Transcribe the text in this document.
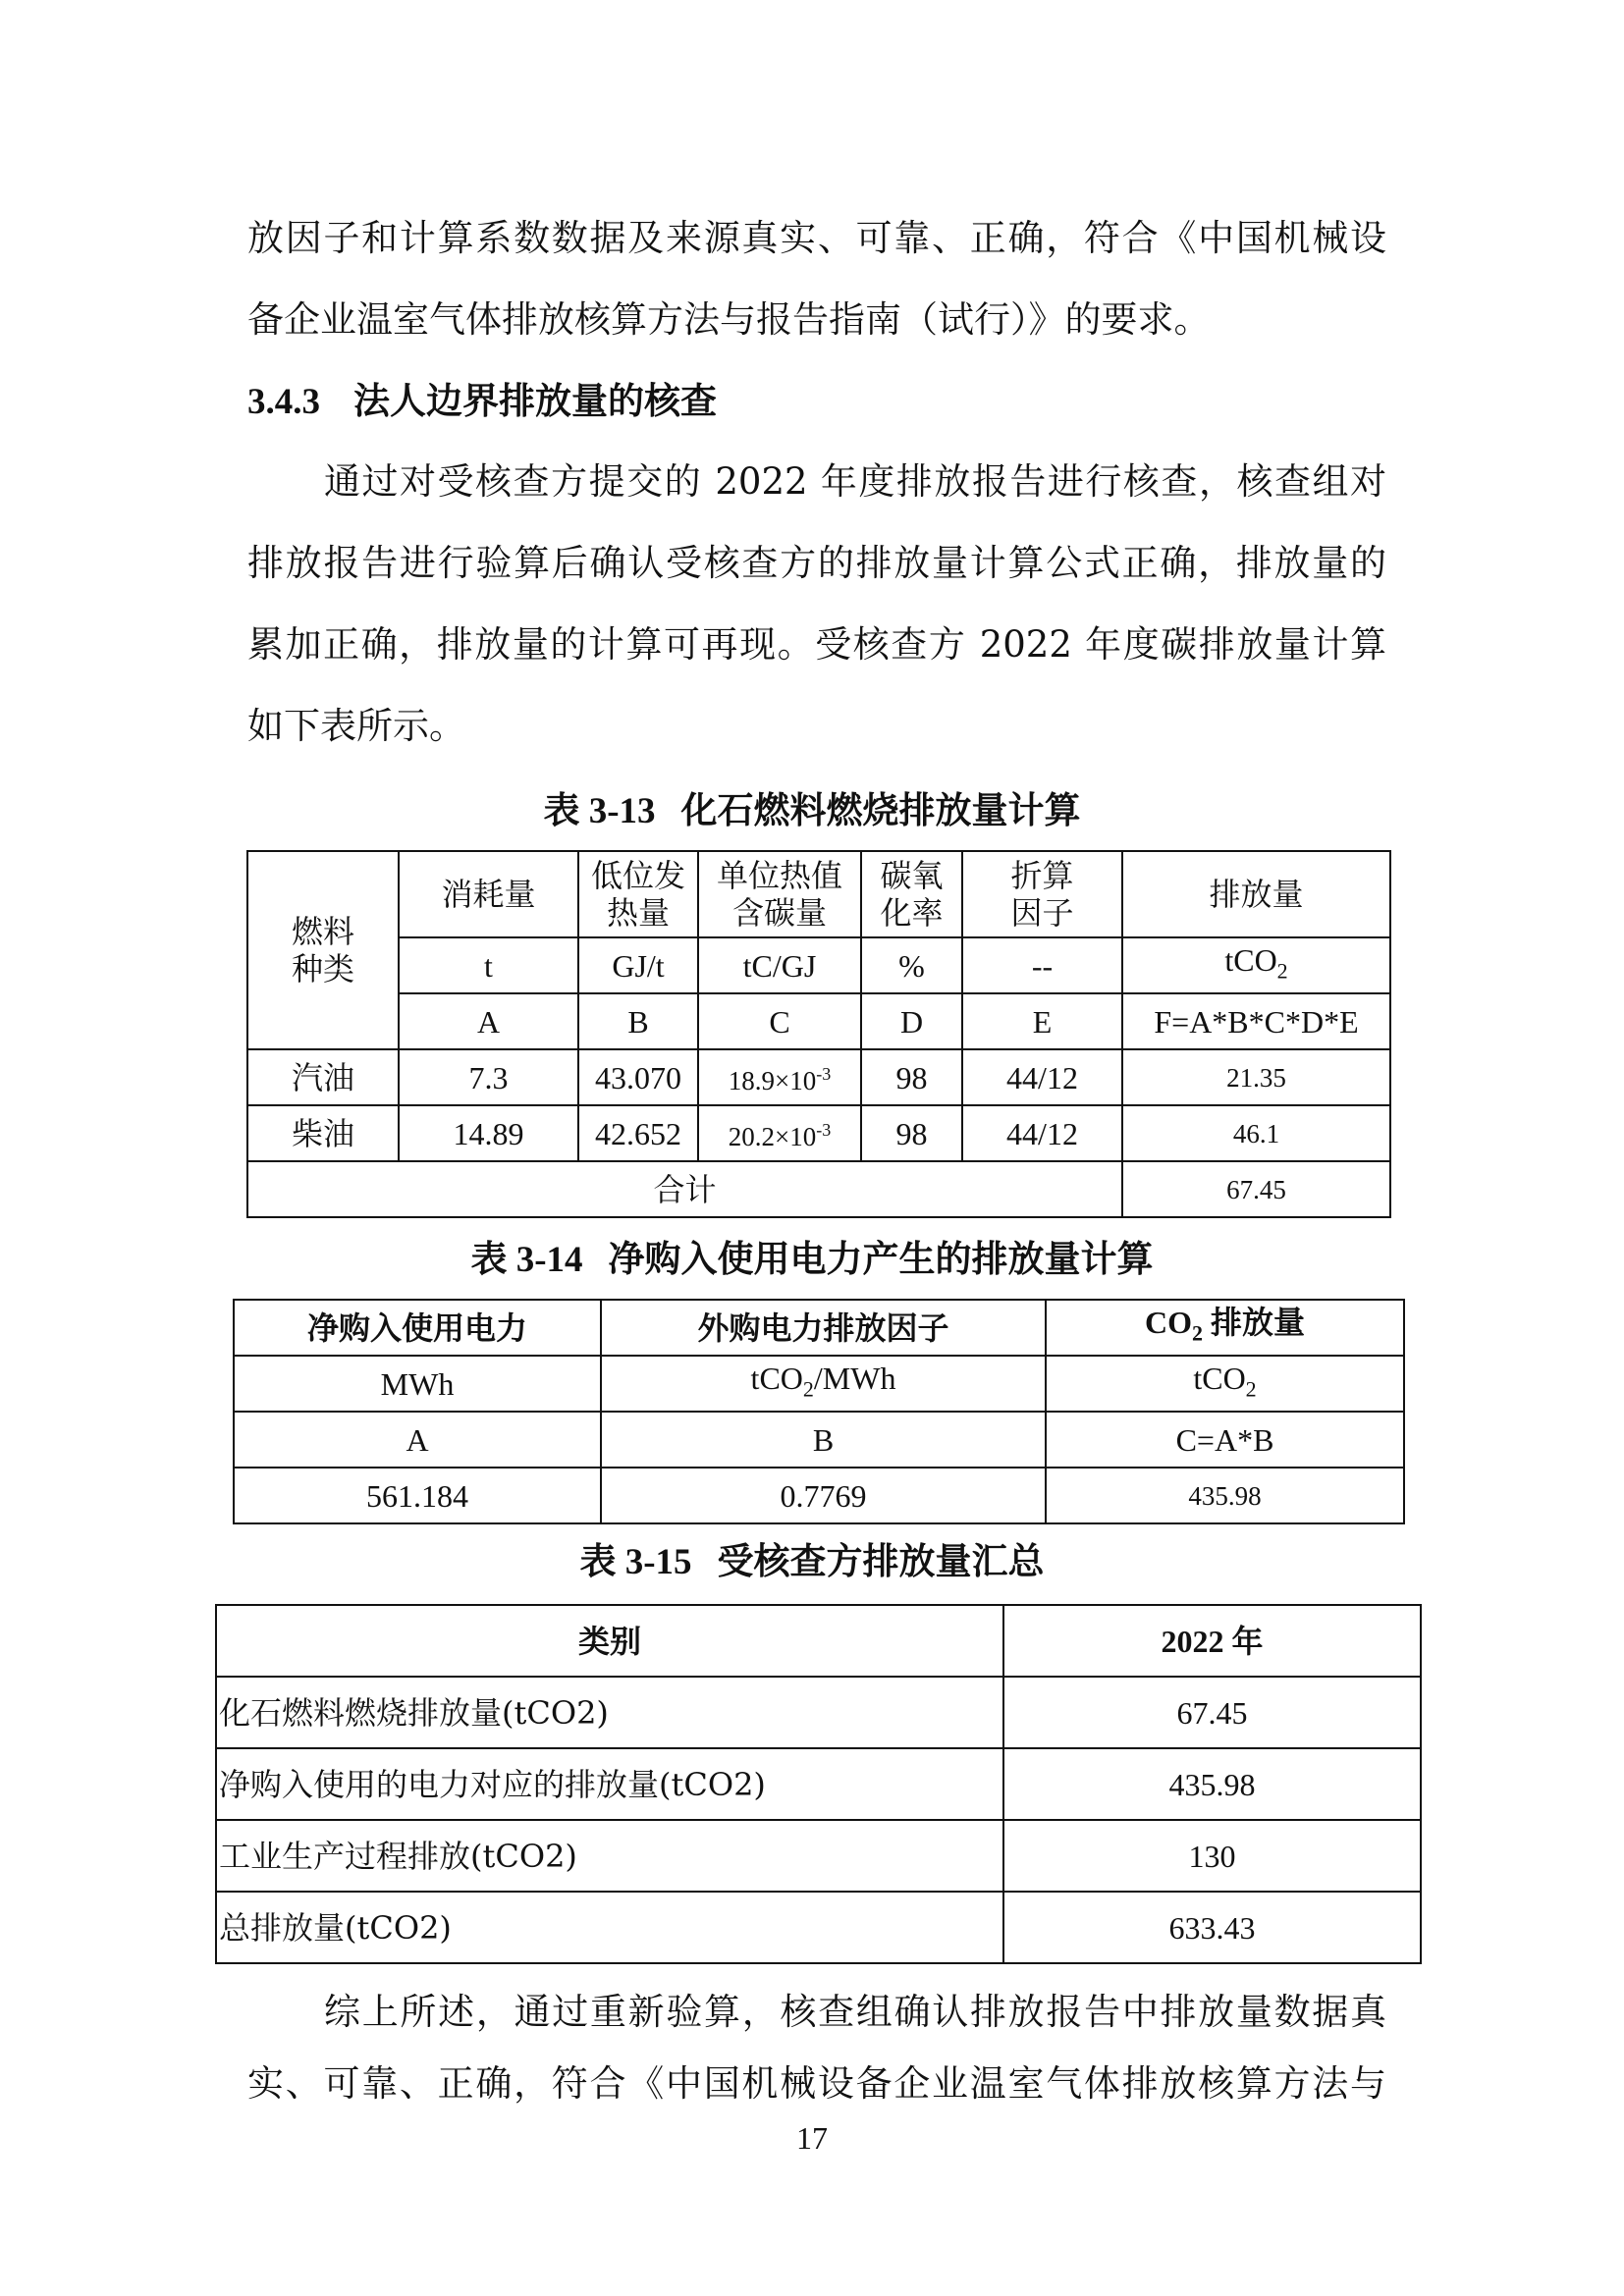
放因子和计算系数数据及来源真实、可靠、正确，符合《中国机械设
备企业温室气体排放核算方法与报告指南（试行）》的要求。
3.4.3 法人边界排放量的核查
通过对受核查方提交的 2022 年度排放报告进行核查，核查组对
排放报告进行验算后确认受核查方的排放量计算公式正确，排放量的
累加正确，排放量的计算可再现。受核查方 2022 年度碳排放量计算
如下表所示。
表 3-13 化石燃料燃烧排放量计算
燃料种类	消耗量	低位发热量	单位热值含碳量	碳氧化率	折算因子	排放量
	t	GJ/t	tC/GJ	%	--	tCO$_2$
	A	B	C	D	E	F=A*B*C*D*E
汽油	7.3	43.070	$18.9\times 10^{-3}$	98	44/12	21.35
柴油	14.89	42.652	$20.2\times 10^{-3}$	98	44/12	46.1
合计						67.45
表 3-14 净购入使用电力产生的排放量计算
净购入使用电力	外购电力排放因子	$CO_2$ 排放量
MWh	tCO$_2$/MWh	tCO$_2$
A	B	C=A*B
561.184	0.7769	435.98
表 3-15 受核查方排放量汇总
类别	2022 年
化石燃料燃烧排放量(tCO2)	67.45
净购入使用的电力对应的排放量(tCO2)	435.98
工业生产过程排放(tCO2)	130
总排放量(tCO2)	633.43
综上所述，通过重新验算，核查组确认排放报告中排放量数据真
实、可靠、正确，符合《中国机械设备企业温室气体排放核算方法与
17
